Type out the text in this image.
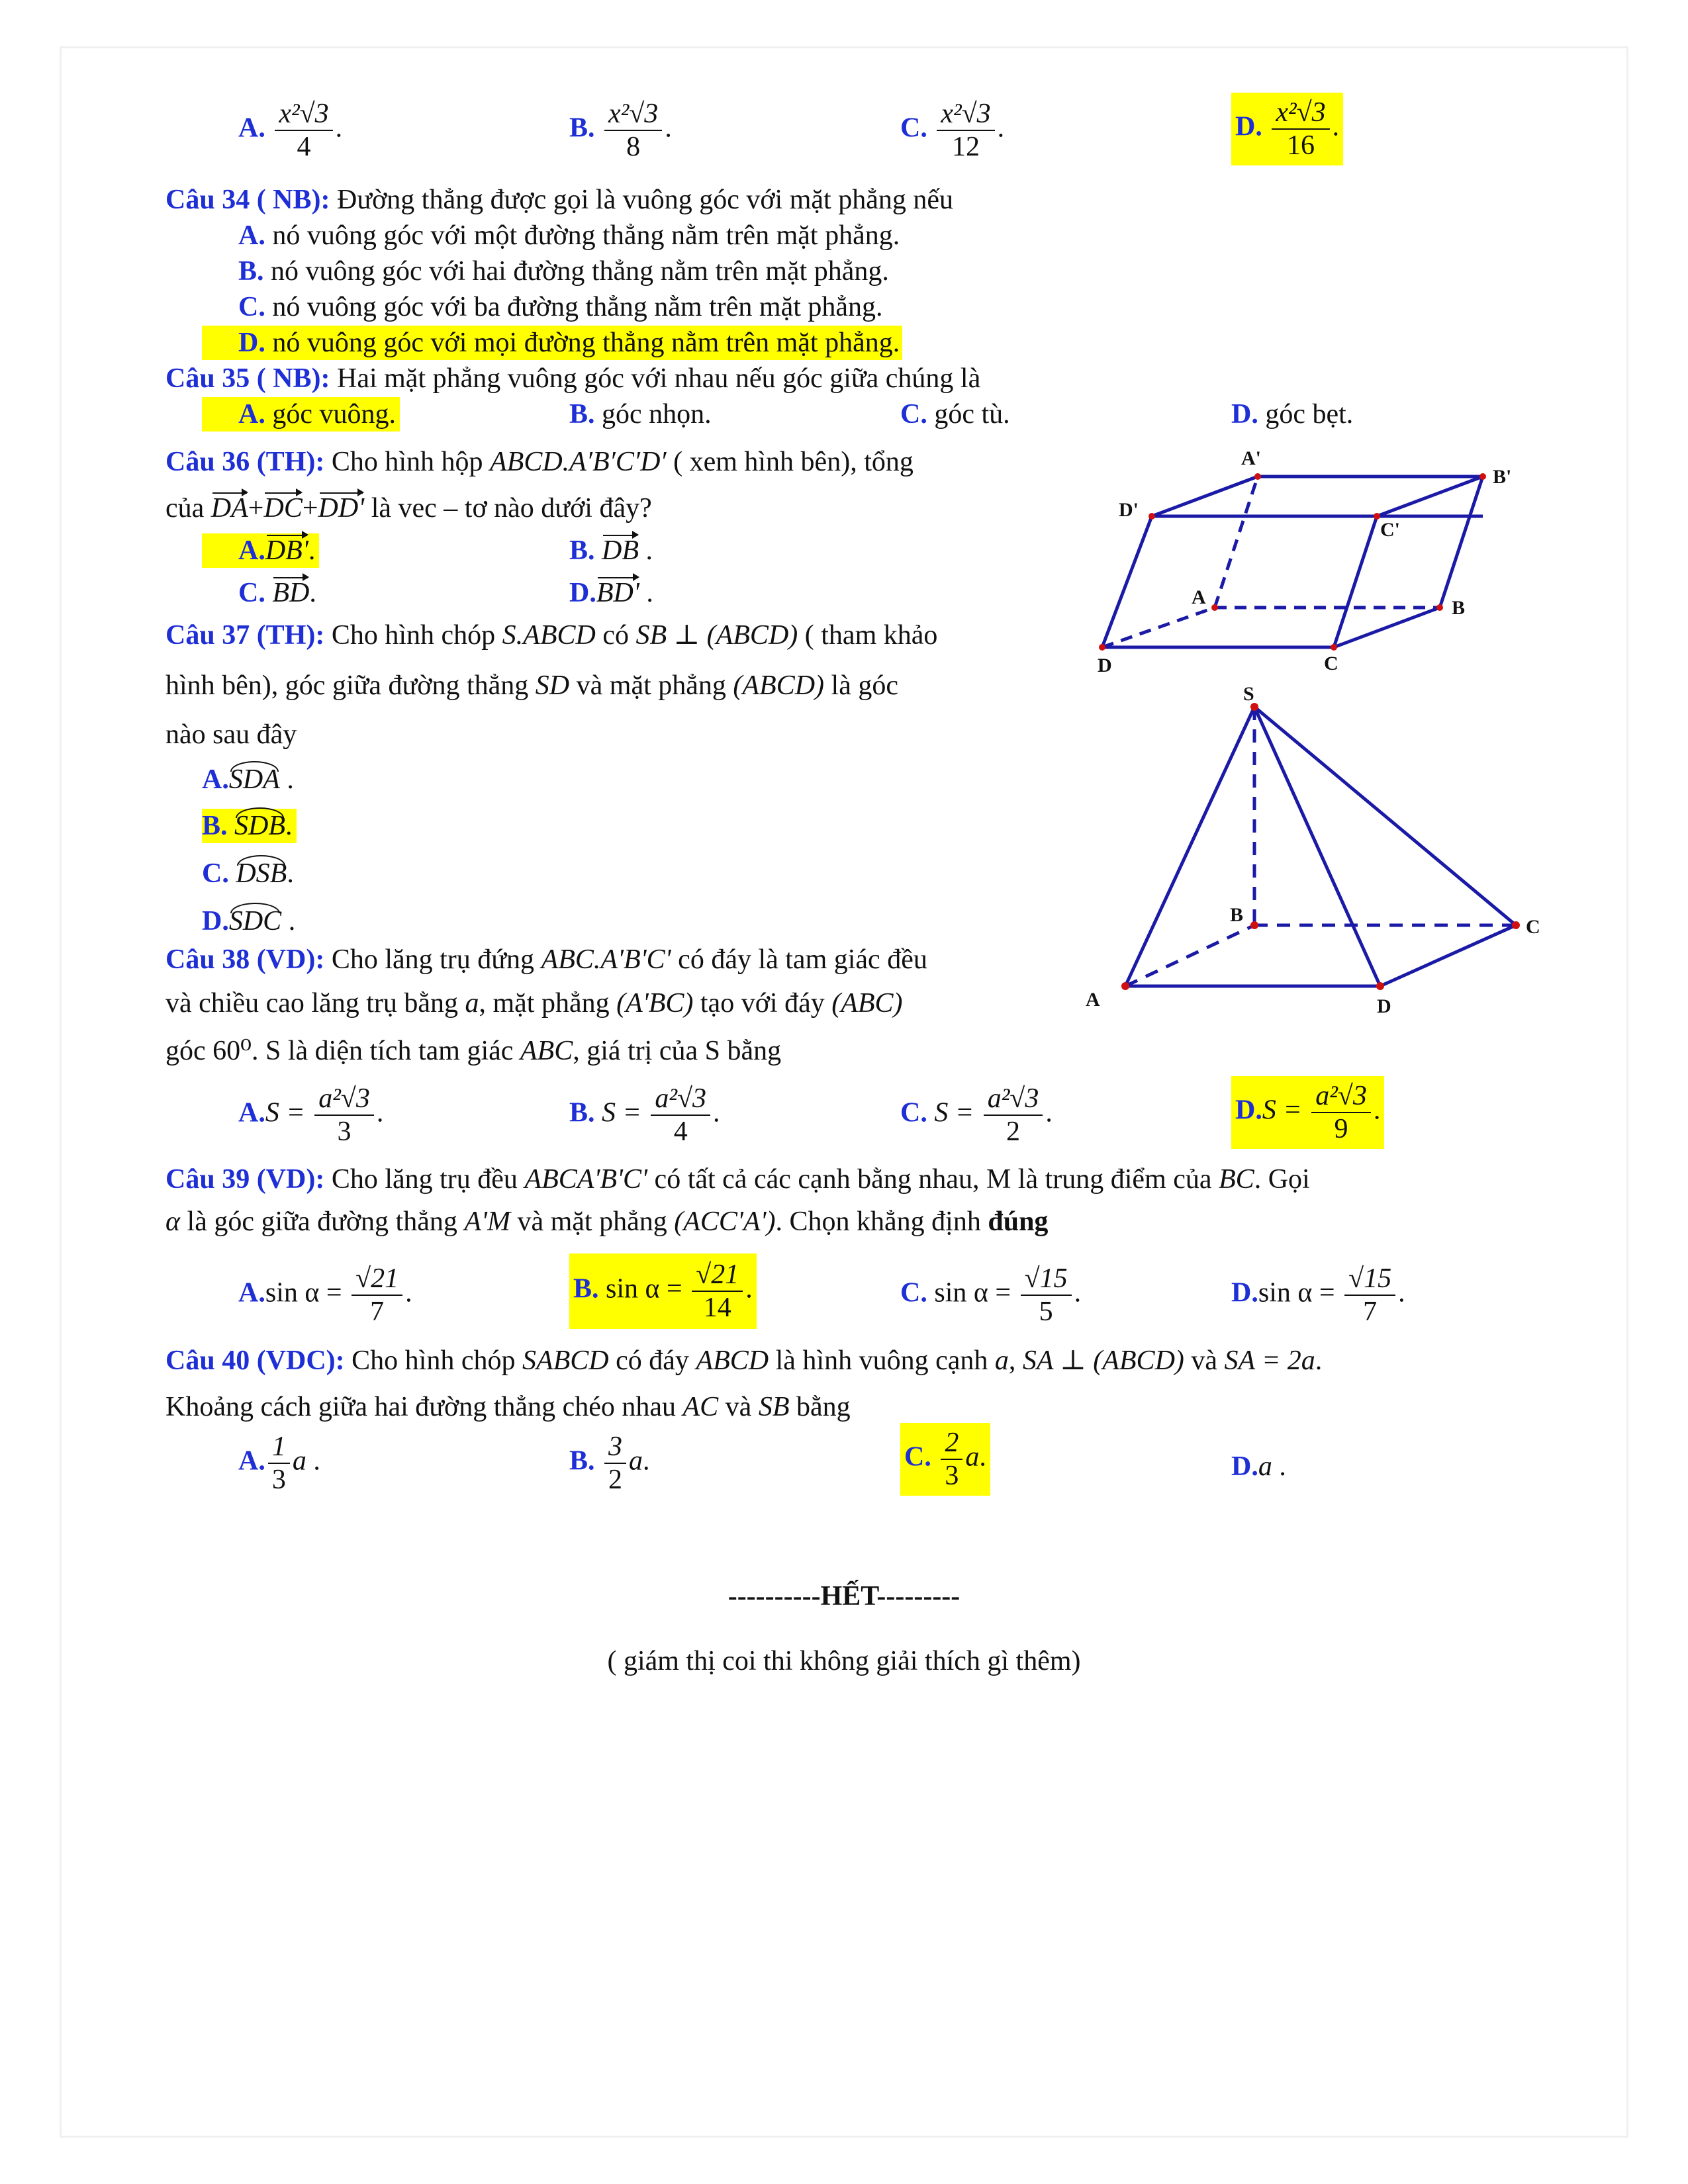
A. $\frac{\text{x²√3}}{4}$ .	B. $\frac{\text{x²√3}}{8}$ .	C. $\frac{\text{x²√3}}{12}$ .	D. $\frac{\text{x²√3}}{16}$ .
Câu 34 ( NB): Đường thẳng được gọi là vuông góc với mặt phẳng nếu
A. nó vuông góc với một đường thẳng nằm trên mặt phẳng.
B. nó vuông góc với hai đường thẳng nằm trên mặt phẳng.
C. nó vuông góc với ba đường thẳng nằm trên mặt phẳng.
D. nó vuông góc với mọi đường thẳng nằm trên mặt phẳng.
Câu 35 ( NB): Hai mặt phẳng vuông góc với nhau nếu góc giữa chúng là
A. góc vuông.	B. góc nhọn.	C. góc tù.	D. góc bẹt.
Câu 36 (TH): Cho hình hộp ABCD.A′B′C′D′ ( xem hình bên), tổng
của DA+DC+DD' là vec – tơ nào dưới đây?
A.DB'.	B. DB .
C. BD.	D.BD' .
Câu 37 (TH): Cho hình chóp S.ABCD có SB ⊥ (ABCD) ( tham khảo
hình bên), góc giữa đường thẳng SD và mặt phẳng (ABCD) là góc
nào sau đây
A.SDA .
B. SDB.
C. DSB.
D.SDC .
Câu 38 (VD): Cho lăng trụ đứng ABC.A'B'C' có đáy là tam giác đều
và chiều cao lăng trụ bằng a, mặt phẳng (A'BC) tạo với đáy (ABC)
góc 60⁰. S là diện tích tam giác ABC, giá trị của S bằng
$A.S = \frac{\text{a²√3}}{3}$ .	B. $S = \frac{\text{a²√3}}{4}$ .	C. $S = \frac{\text{a²√3}}{2}$ .	$D.S = \frac{\text{a²√3}}{9}$ .
Câu 39 (VD): Cho lăng trụ đều ABCA'B'C' có tất cả các cạnh bằng nhau, M là trung điểm của BC. Gọi
α là góc giữa đường thẳng A'M và mặt phẳng (ACC'A'). Chọn khẳng định đúng
A.sin $\alpha = \frac{√21}{7}$ .	B. $\sin \alpha = \frac{√21}{14}$ .	C. $\sin \alpha = \frac{√15}{5}$ .	D.sin $\alpha = \frac{√15}{7}$ .
Câu 40 (VDC): Cho hình chóp SABCD có đáy ABCD là hình vuông cạnh a, SA ⊥ (ABCD) và SA = 2a.
Khoảng cách giữa hai đường thẳng chéo nhau AC và SB bằng
A. $\frac{1}{3}$ a .	B. $\frac{3}{2} a$.	C. $\frac{2}{3} a$.	D.a .
----------HẾT---------
( giám thị coi thi không giải thích gì thêm)
A'
B'
D'
C'
A	B
D	C
S
B
C
A	D
